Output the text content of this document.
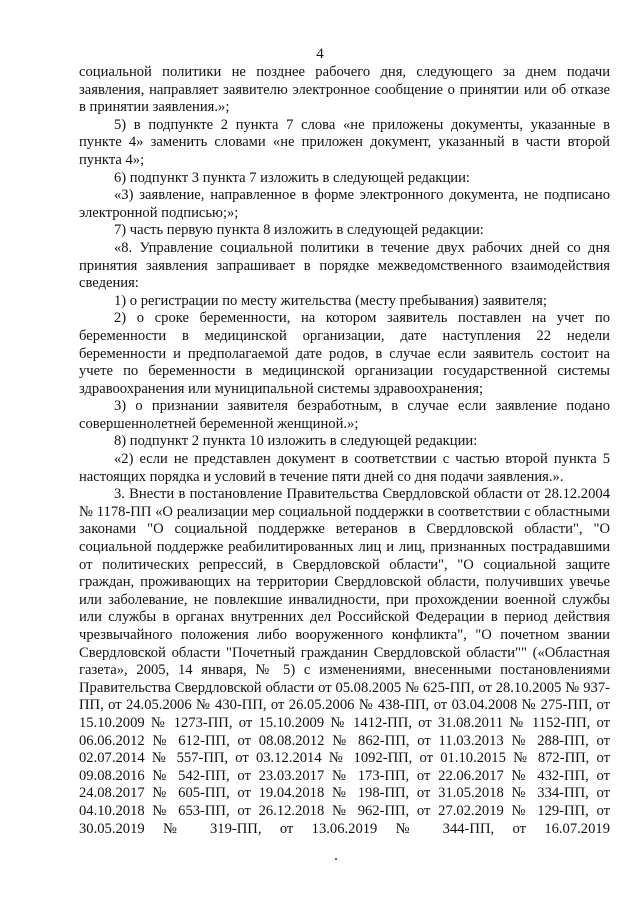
4

социальной политики не позднее рабочего дня, следующего за днем подачи заявления, направляет заявителю электронное сообщение о принятии или об отказе в принятии заявления.»;

5) в подпункте 2 пункта 7 слова «не приложены документы, указанные в пункте 4» заменить словами «не приложен документ, указанный в части второй пункта 4»;

6) подпункт 3 пункта 7 изложить в следующей редакции:

«3) заявление, направленное в форме электронного документа, не подписано электронной подписью;»;

7) часть первую пункта 8 изложить в следующей редакции:

«8. Управление социальной политики в течение двух рабочих дней со дня принятия заявления запрашивает в порядке межведомственного взаимодействия сведения:

1) о регистрации по месту жительства (месту пребывания) заявителя;

2) о сроке беременности, на котором заявитель поставлен на учет по беременности в медицинской организации, дате наступления 22 недели беременности и предполагаемой дате родов, в случае если заявитель состоит на учете по беременности в медицинской организации государственной системы здравоохранения или муниципальной системы здравоохранения;

3) о признании заявителя безработным, в случае если заявление подано совершеннолетней беременной женщиной.»;

8) подпункт 2 пункта 10 изложить в следующей редакции:

«2) если не представлен документ в соответствии с частью второй пункта 5 настоящих порядка и условий в течение пяти дней со дня подачи заявления.».

3. Внести в постановление Правительства Свердловской области от 28.12.2004 № 1178-ПП «О реализации мер социальной поддержки в соответствии с областными законами "О социальной поддержке ветеранов в Свердловской области", "О социальной поддержке реабилитированных лиц и лиц, признанных пострадавшими от политических репрессий, в Свердловской области", "О социальной защите граждан, проживающих на территории Свердловской области, получивших увечье или заболевание, не повлекшие инвалидности, при прохождении военной службы или службы в органах внутренних дел Российской Федерации в период действия чрезвычайного положения либо вооруженного конфликта", "О почетном звании Свердловской области "Почетный гражданин Свердловской области"" («Областная газета», 2005, 14 января, № 5) с изменениями, внесенными постановлениями Правительства Свердловской области от 05.08.2005 № 625-ПП, от 28.10.2005 № 937-ПП, от 24.05.2006 № 430-ПП, от 26.05.2006 № 438-ПП, от 03.04.2008 № 275-ПП, от 15.10.2009 № 1273-ПП, от 15.10.2009 № 1412-ПП, от 31.08.2011 № 1152-ПП, от 06.06.2012 № 612-ПП, от 08.08.2012 № 862-ПП, от 11.03.2013 № 288-ПП, от 02.07.2014 № 557-ПП, от 03.12.2014 № 1092-ПП, от 01.10.2015 № 872-ПП, от 09.08.2016 № 542-ПП, от 23.03.2017 № 173-ПП, от 22.06.2017 № 432-ПП, от 24.08.2017 № 605-ПП, от 19.04.2018 № 198-ПП, от 31.05.2018 № 334-ПП, от 04.10.2018 № 653-ПП, от 26.12.2018 № 962-ПП, от 27.02.2019 № 129-ПП, от 30.05.2019 № 319-ПП, от 13.06.2019 № 344-ПП, от 16.07.2019
